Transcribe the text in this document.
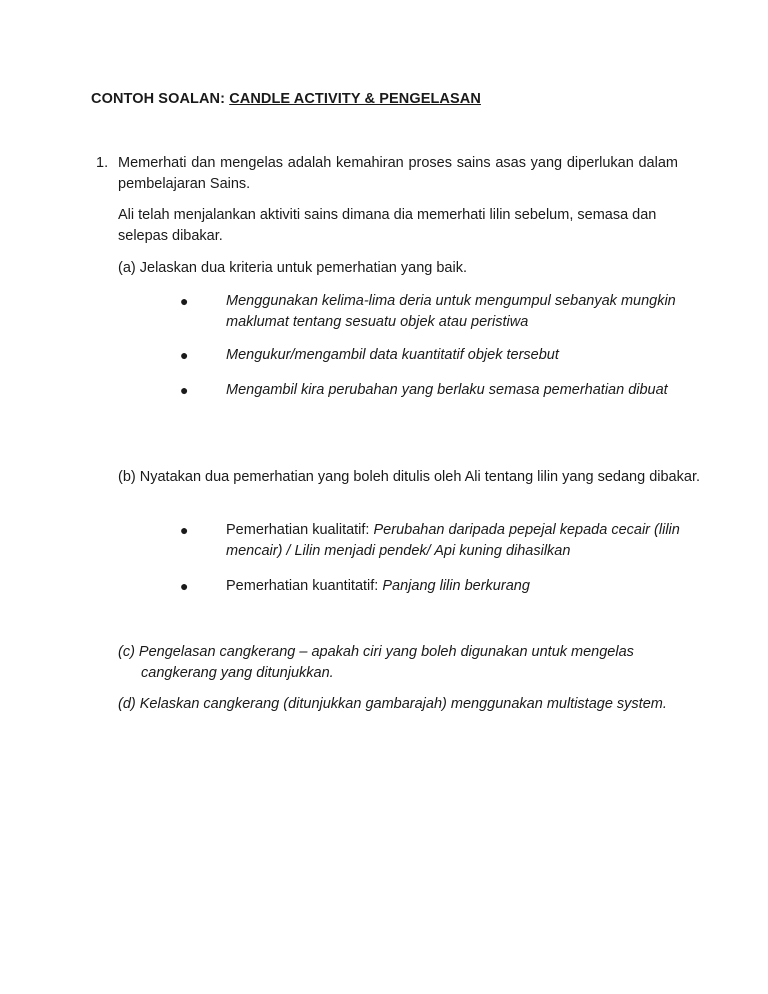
CONTOH SOALAN: CANDLE ACTIVITY & PENGELASAN
1. Memerhati dan mengelas adalah kemahiran proses sains asas yang diperlukan dalam pembelajaran Sains.
Ali telah menjalankan aktiviti sains dimana dia memerhati lilin sebelum, semasa dan selepas dibakar.
(a) Jelaskan dua kriteria untuk pemerhatian yang baik.
●	Menggunakan kelima-lima deria untuk mengumpul sebanyak mungkin maklumat tentang sesuatu objek atau peristiwa
●	Mengukur/mengambil data kuantitatif objek tersebut
●	Mengambil kira perubahan yang berlaku semasa pemerhatian dibuat
(b) Nyatakan dua pemerhatian yang boleh ditulis oleh Ali tentang lilin yang sedang dibakar.
●	Pemerhatian kualitatif: Perubahan daripada pepejal kepada cecair (lilin mencair) / Lilin menjadi pendek/ Api kuning dihasilkan
●	Pemerhatian kuantitatif: Panjang lilin berkurang
(c) Pengelasan cangkerang – apakah ciri yang boleh digunakan untuk mengelas cangkerang yang ditunjukkan.
(d) Kelaskan cangkerang (ditunjukkan gambarajah) menggunakan multistage system.
